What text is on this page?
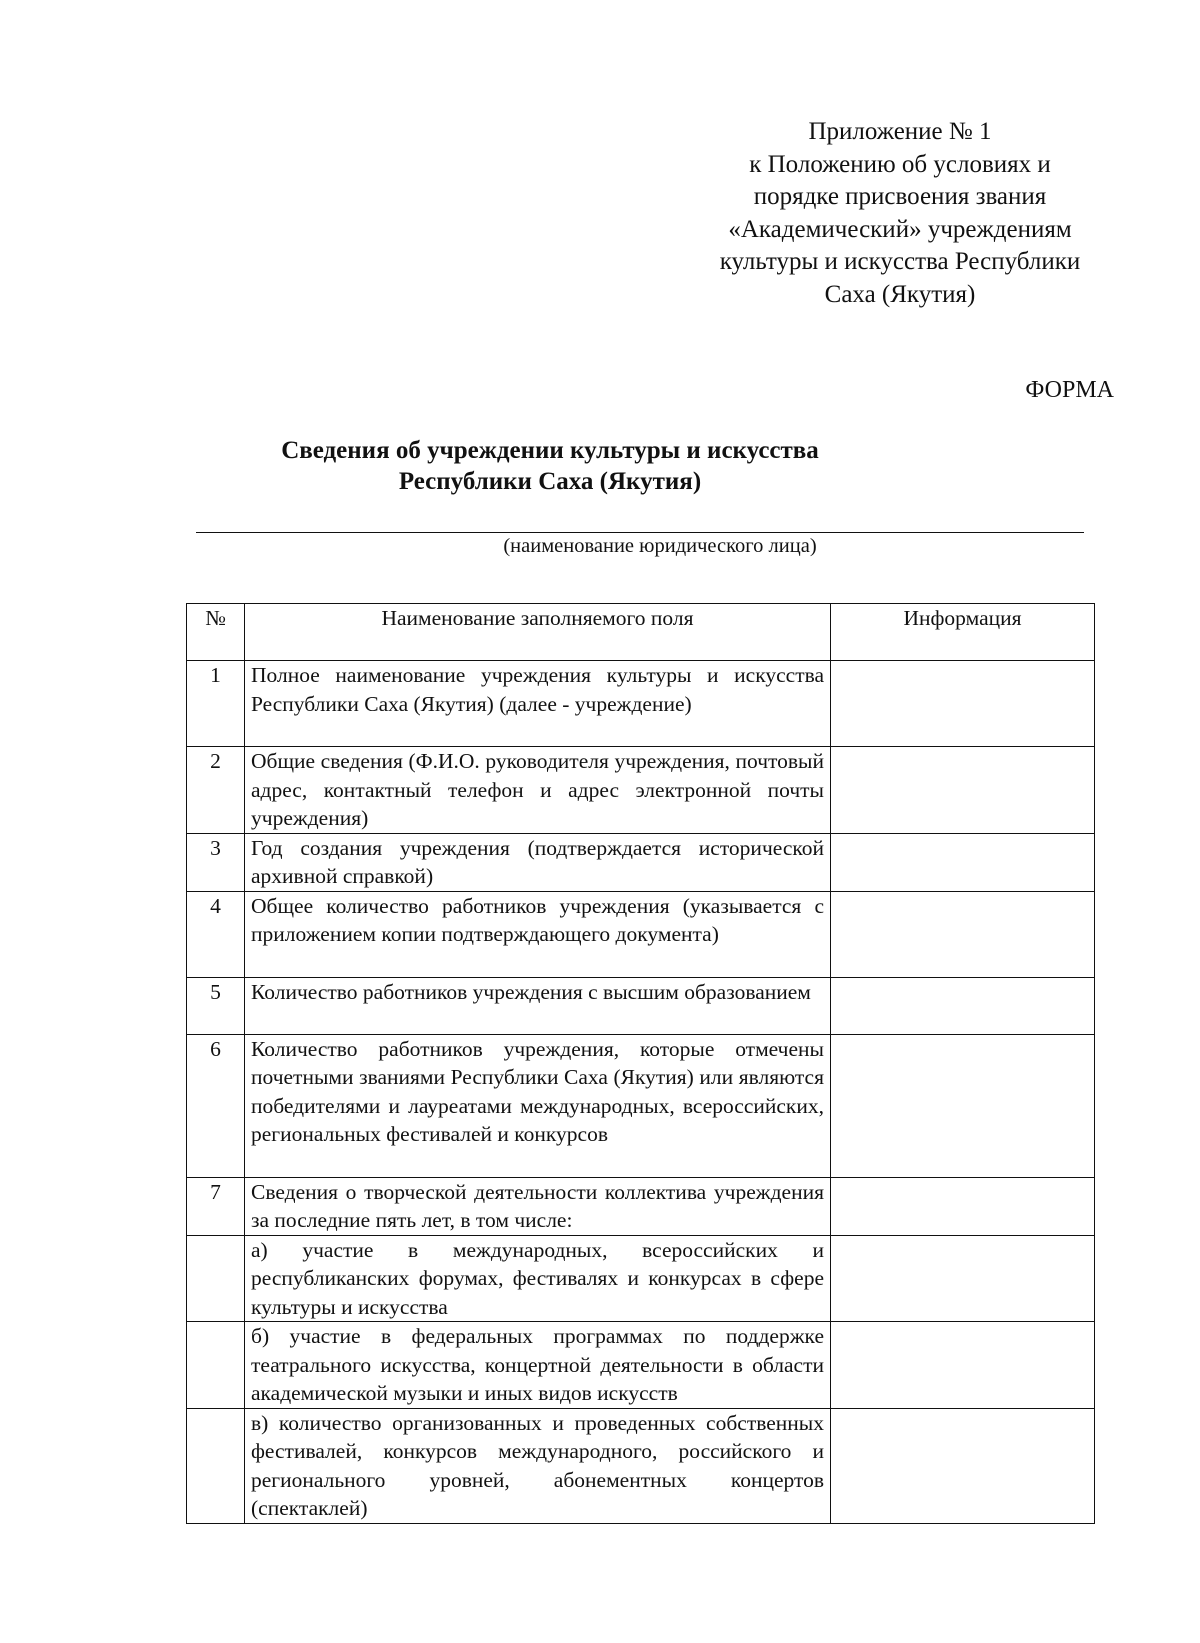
Приложение № 1
к Положению об условиях и
порядке присвоения звания
«Академический» учреждениям
культуры и искусства Республики
Саха (Якутия)
ФОРМА
Сведения об учреждении культуры и искусства
Республики Саха (Якутия)
(наименование юридического лица)
№	Наименование заполняемого поля	Информация
1	Полное наименование учреждения культуры и искусства Республики Саха (Якутия) (далее - учреждение)	
2	Общие сведения (Ф.И.О. руководителя учреждения, почтовый адрес, контактный телефон и адрес электронной почты учреждения)	
3	Год создания учреждения (подтверждается исторической архивной справкой)	
4	Общее количество работников учреждения (указывается с приложением копии подтверждающего документа)	
5	Количество работников учреждения с высшим образованием	
6	Количество работников учреждения, которые отмечены почетными званиями Республики Саха (Якутия) или являются победителями и лауреатами международных, всероссийских, региональных фестивалей и конкурсов	
7	Сведения о творческой деятельности коллектива учреждения за последние пять лет, в том числе:	
	а) участие в международных, всероссийских и республиканских форумах, фестивалях и конкурсах в сфере культуры и искусства	
	б) участие в федеральных программах по поддержке театрального искусства, концертной деятельности в области академической музыки и иных видов искусств	
	в) количество организованных и проведенных собственных фестивалей, конкурсов международного, российского и регионального уровней, абонементных концертов (спектаклей)	
